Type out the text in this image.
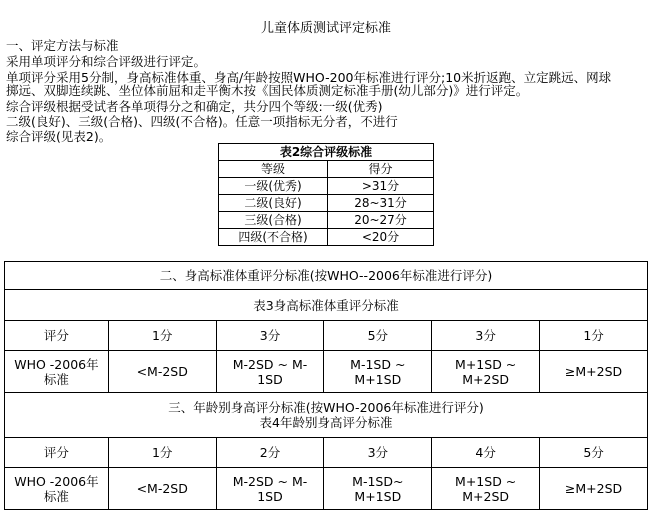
儿童体质测试评定标准
一、评定方法与标准
采用单项评分和综合评级进行评定。
单项评分采用5分制，身高标准体重、身高/年龄按照WHO-200年标准进行评分;10米折返跑、立定跳远、网球
掷远、双脚连续跳、坐位体前屈和走平衡木按《国民体质测定标准手册(幼儿部分)》进行评定。
综合评级根据受试者各单项得分之和确定，共分四个等级:一级(优秀)
二级(良好)、三级(合格)、四级(不合格)。任意一项指标无分者，不进行
综合评级(见表2)。
表2综合评级标准	
等级	得分
一级(优秀)	>31分
二级(良好)	28~31分
三级(合格)	20~27分
四级(不合格)	<20分
二、身高标准体重评分标准(按WHO--2006年标准进行评分)					
表3身高标准体重评分标准					
评分	1分	3分	5分	3分	1分
WHO -2006年标准	<M-2SD	M-2SD ~ M-1SD	M-1SD ~ M+1SD	M+1SD ~ M+2SD	≥M+2SD

三、年龄别身高评分标准(按WHO-2006年标准进行评分)
表4年龄别身高评分标准					

评分	1分	2分	3分	4分	5分
WHO -2006年标准	<M-2SD	M-2SD ~ M-1SD	M-1SD~ M+1SD	M+1SD ~ M+2SD	≥M+2SD
